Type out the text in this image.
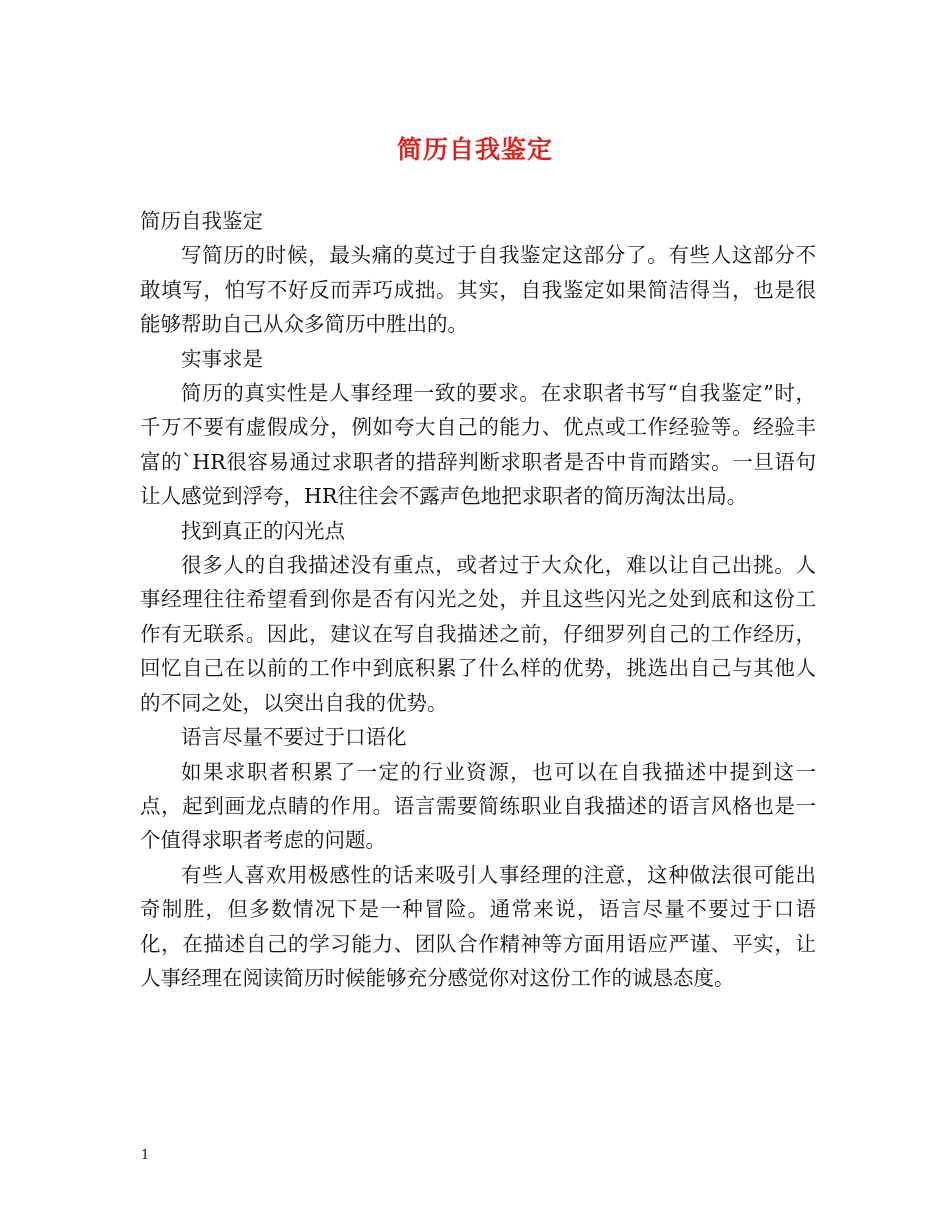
简历自我鉴定

简历自我鉴定

写简历的时候，最头痛的莫过于自我鉴定这部分了。有些人这部分不敢填写，怕写不好反而弄巧成拙。其实，自我鉴定如果简洁得当，也是很能够帮助自己从众多简历中胜出的。

实事求是

简历的真实性是人事经理一致的要求。在求职者书写“自我鉴定”时，千万不要有虚假成分，例如夸大自己的能力、优点或工作经验等。经验丰富的`HR很容易通过求职者的措辞判断求职者是否中肯而踏实。一旦语句让人感觉到浮夸，HR往往会不露声色地把求职者的简历淘汰出局。

找到真正的闪光点

很多人的自我描述没有重点，或者过于大众化，难以让自己出挑。人事经理往往希望看到你是否有闪光之处，并且这些闪光之处到底和这份工作有无联系。因此，建议在写自我描述之前，仔细罗列自己的工作经历，回忆自己在以前的工作中到底积累了什么样的优势，挑选出自己与其他人的不同之处，以突出自我的优势。

语言尽量不要过于口语化

如果求职者积累了一定的行业资源，也可以在自我描述中提到这一点，起到画龙点睛的作用。语言需要简练职业自我描述的语言风格也是一个值得求职者考虑的问题。

有些人喜欢用极感性的话来吸引人事经理的注意，这种做法很可能出奇制胜，但多数情况下是一种冒险。通常来说，语言尽量不要过于口语化，在描述自己的学习能力、团队合作精神等方面用语应严谨、平实，让人事经理在阅读简历时候能够充分感觉你对这份工作的诚恳态度。

1
